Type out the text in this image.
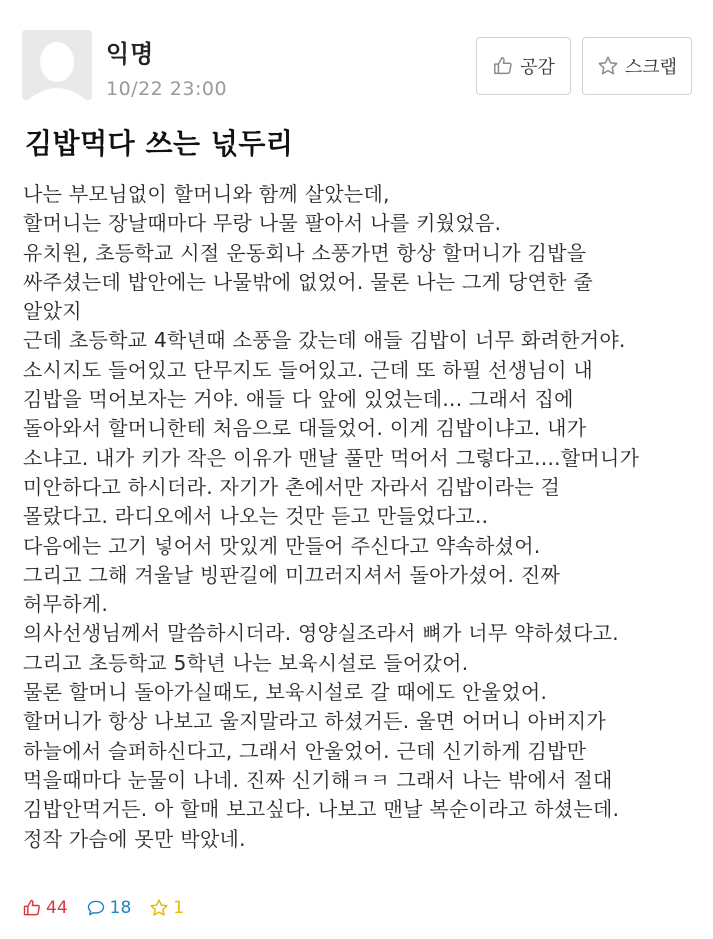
익명
10/22 23:00
공감	스크랩
김밥먹다 쓰는 넋두리
나는 부모님없이 할머니와 함께 살았는데,
할머니는 장날때마다 무랑 나물 팔아서 나를 키웠었음.
유치원, 초등학교 시절 운동회나 소풍가면 항상 할머니가 김밥을
싸주셨는데 밥안에는 나물밖에 없었어. 물론 나는 그게 당연한 줄
알았지
근데 초등학교 4학년때 소풍을 갔는데 애들 김밥이 너무 화려한거야.
소시지도 들어있고 단무지도 들어있고. 근데 또 하필 선생님이 내
김밥을 먹어보자는 거야. 애들 다 앞에 있었는데... 그래서 집에
돌아와서 할머니한테 처음으로 대들었어. 이게 김밥이냐고. 내가
소냐고. 내가 키가 작은 이유가 맨날 풀만 먹어서 그렇다고....할머니가
미안하다고 하시더라. 자기가 촌에서만 자라서 김밥이라는 걸
몰랐다고. 라디오에서 나오는 것만 듣고 만들었다고..
다음에는 고기 넣어서 맛있게 만들어 주신다고 약속하셨어.
그리고 그해 겨울날 빙판길에 미끄러지셔서 돌아가셨어. 진짜
허무하게.
의사선생님께서 말씀하시더라. 영양실조라서 뼈가 너무 약하셨다고.
그리고 초등학교 5학년 나는 보육시설로 들어갔어.
물론 할머니 돌아가실때도, 보육시설로 갈 때에도 안울었어.
할머니가 항상 나보고 울지말라고 하셨거든. 울면 어머니 아버지가
하늘에서 슬퍼하신다고, 그래서 안울었어. 근데 신기하게 김밥만
먹을때마다 눈물이 나네. 진짜 신기해ㅋㅋ 그래서 나는 밖에서 절대
김밥안먹거든. 아 할매 보고싶다. 나보고 맨날 복순이라고 하셨는데.
정작 가슴에 못만 박았네.
44 18 1
